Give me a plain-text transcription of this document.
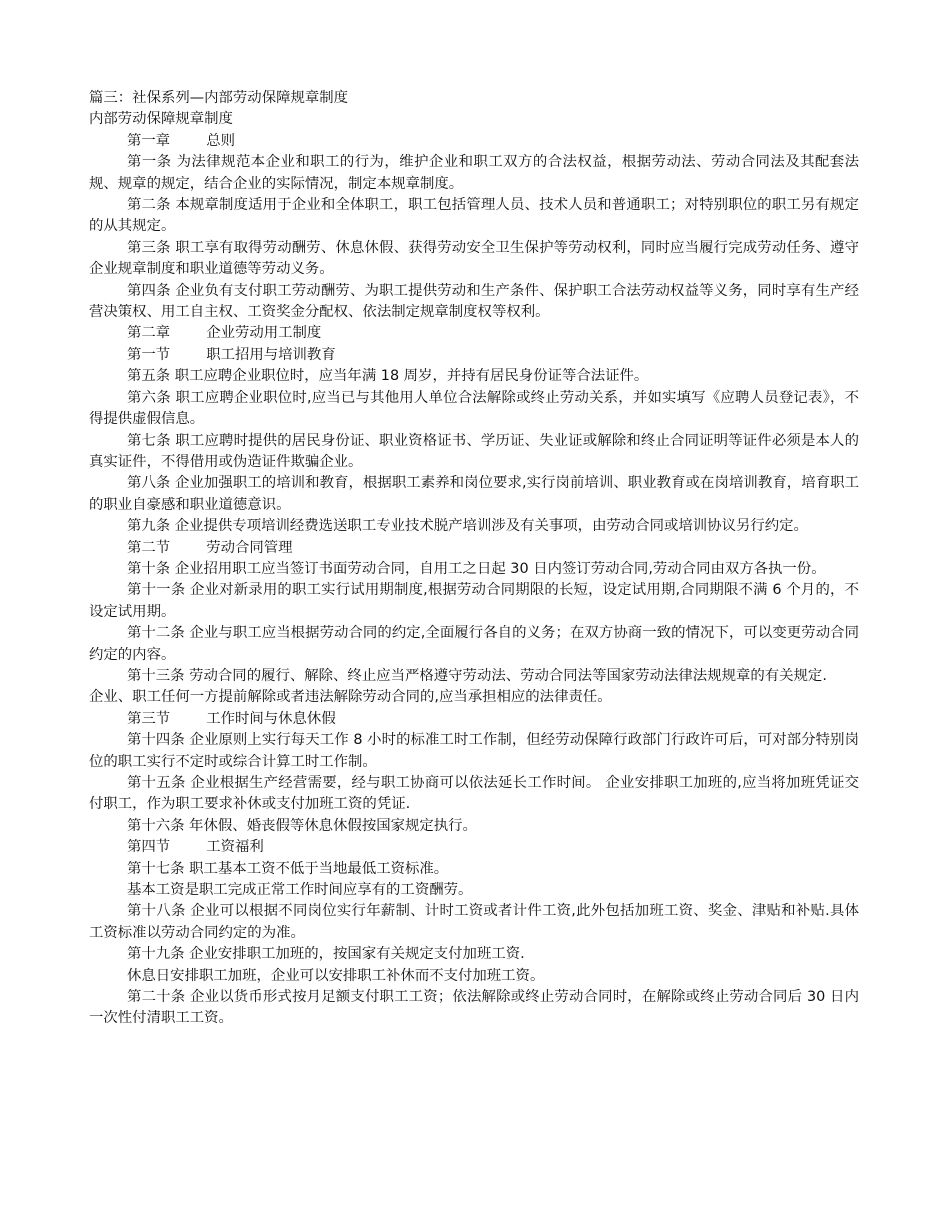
篇三：社保系列—内部劳动保障规章制度

内部劳动保障规章制度

第一章	总则

第一条 为法律规范本企业和职工的行为，维护企业和职工双方的合法权益，根据劳动法、劳动合同法及其配套法规、规章的规定，结合企业的实际情况，制定本规章制度。

第二条 本规章制度适用于企业和全体职工，职工包括管理人员、技术人员和普通职工；对特别职位的职工另有规定的从其规定。

第三条 职工享有取得劳动酬劳、休息休假、获得劳动安全卫生保护等劳动权利，同时应当履行完成劳动任务、遵守企业规章制度和职业道德等劳动义务。

第四条 企业负有支付职工劳动酬劳、为职工提供劳动和生产条件、保护职工合法劳动权益等义务，同时享有生产经营决策权、用工自主权、工资奖金分配权、依法制定规章制度权等权利。

第二章	企业劳动用工制度

第一节	职工招用与培训教育

第五条 职工应聘企业职位时，应当年满 18 周岁，并持有居民身份证等合法证件。

第六条 职工应聘企业职位时,应当已与其他用人单位合法解除或终止劳动关系，并如实填写《应聘人员登记表》，不得提供虚假信息。

第七条 职工应聘时提供的居民身份证、职业资格证书、学历证、失业证或解除和终止合同证明等证件必须是本人的真实证件，不得借用或伪造证件欺骗企业。

第八条 企业加强职工的培训和教育，根据职工素养和岗位要求,实行岗前培训、职业教育或在岗培训教育，培育职工的职业自豪感和职业道德意识。

第九条 企业提供专项培训经费选送职工专业技术脱产培训涉及有关事项，由劳动合同或培训协议另行约定。

第二节	劳动合同管理

第十条 企业招用职工应当签订书面劳动合同，自用工之日起 30 日内签订劳动合同,劳动合同由双方各执一份。

第十一条 企业对新录用的职工实行试用期制度,根据劳动合同期限的长短，设定试用期,合同期限不满 6 个月的，不设定试用期。

第十二条 企业与职工应当根据劳动合同的约定,全面履行各自的义务；在双方协商一致的情况下，可以变更劳动合同约定的内容。

第十三条 劳动合同的履行、解除、终止应当严格遵守劳动法、劳动合同法等国家劳动法律法规规章的有关规定.

企业、职工任何一方提前解除或者违法解除劳动合同的,应当承担相应的法律责任。

第三节	工作时间与休息休假

第十四条 企业原则上实行每天工作 8 小时的标准工时工作制，但经劳动保障行政部门行政许可后，可对部分特别岗位的职工实行不定时或综合计算工时工作制。

第十五条 企业根据生产经营需要，经与职工协商可以依法延长工作时间。 企业安排职工加班的,应当将加班凭证交付职工，作为职工要求补休或支付加班工资的凭证.

第十六条 年休假、婚丧假等休息休假按国家规定执行。

第四节	工资福利

第十七条 职工基本工资不低于当地最低工资标准。

基本工资是职工完成正常工作时间应享有的工资酬劳。

第十八条 企业可以根据不同岗位实行年薪制、计时工资或者计件工资,此外包括加班工资、奖金、津贴和补贴.具体工资标准以劳动合同约定的为准。

第十九条 企业安排职工加班的，按国家有关规定支付加班工资.

休息日安排职工加班，企业可以安排职工补休而不支付加班工资。

第二十条 企业以货币形式按月足额支付职工工资；依法解除或终止劳动合同时，在解除或终止劳动合同后 30 日内一次性付清职工工资。
